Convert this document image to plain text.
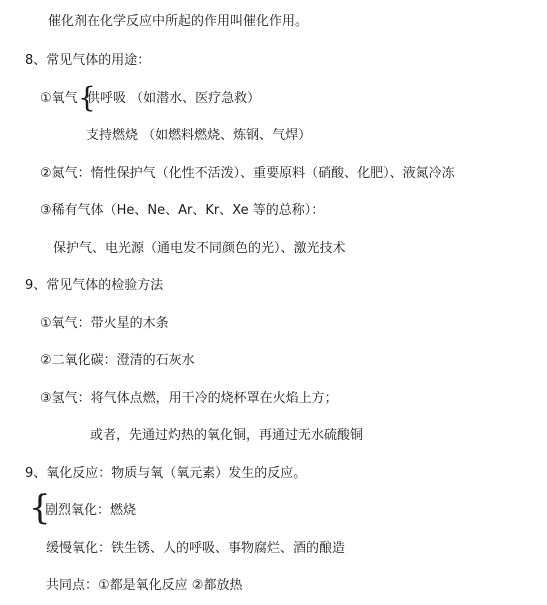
催化剂在化学反应中所起的作用叫催化作用。
8、常见气体的用途：
①氧气 {
供呼吸 （如潜水、医疗急救）
支持燃烧 （如燃料燃烧、炼钢、气焊）
②氮气：惰性保护气（化性不活泼）、重要原料（硝酸、化肥）、液氮冷冻
③稀有气体（He、Ne、Ar、Kr、Xe 等的总称）：
保护气、电光源（通电发不同颜色的光）、激光技术
9、常见气体的检验方法
①氧气：带火星的木条
②二氧化碳：澄清的石灰水
③氢气：将气体点燃，用干冷的烧杯罩在火焰上方；
或者，先通过灼热的氧化铜，再通过无水硫酸铜
9、氧化反应：物质与氧（氧元素）发生的反应。
{
剧烈氧化：燃烧
缓慢氧化：铁生锈、人的呼吸、事物腐烂、酒的酿造
共同点：①都是氧化反应 ②都放热
